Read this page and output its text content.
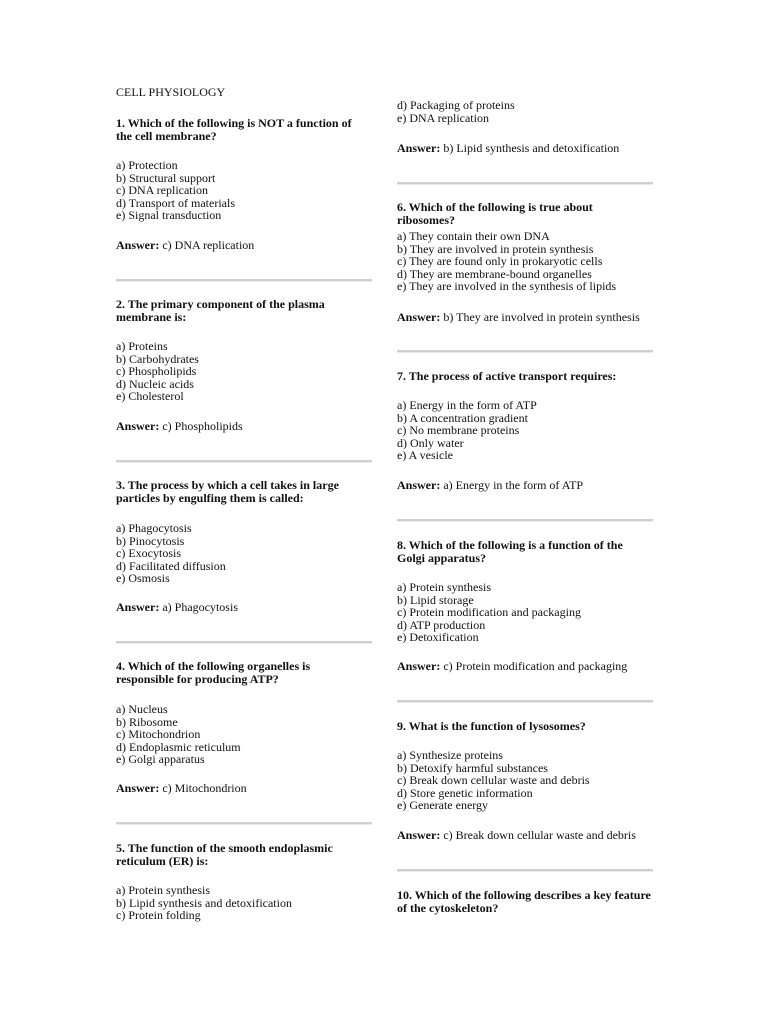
CELL PHYSIOLOGY
1. Which of the following is NOT a function of the cell membrane?
a) Protection
b) Structural support
c) DNA replication
d) Transport of materials
e) Signal transduction
Answer: c) DNA replication
2. The primary component of the plasma membrane is:
a) Proteins
b) Carbohydrates
c) Phospholipids
d) Nucleic acids
e) Cholesterol
Answer: c) Phospholipids
3. The process by which a cell takes in large particles by engulfing them is called:
a) Phagocytosis
b) Pinocytosis
c) Exocytosis
d) Facilitated diffusion
e) Osmosis
Answer: a) Phagocytosis
4. Which of the following organelles is responsible for producing ATP?
a) Nucleus
b) Ribosome
c) Mitochondrion
d) Endoplasmic reticulum
e) Golgi apparatus
Answer: c) Mitochondrion
5. The function of the smooth endoplasmic reticulum (ER) is:
a) Protein synthesis
b) Lipid synthesis and detoxification
c) Protein folding
d) Packaging of proteins
e) DNA replication
Answer: b) Lipid synthesis and detoxification
6. Which of the following is true about ribosomes?
a) They contain their own DNA
b) They are involved in protein synthesis
c) They are found only in prokaryotic cells
d) They are membrane-bound organelles
e) They are involved in the synthesis of lipids
Answer: b) They are involved in protein synthesis
7. The process of active transport requires:
a) Energy in the form of ATP
b) A concentration gradient
c) No membrane proteins
d) Only water
e) A vesicle
Answer: a) Energy in the form of ATP
8. Which of the following is a function of the Golgi apparatus?
a) Protein synthesis
b) Lipid storage
c) Protein modification and packaging
d) ATP production
e) Detoxification
Answer: c) Protein modification and packaging
9. What is the function of lysosomes?
a) Synthesize proteins
b) Detoxify harmful substances
c) Break down cellular waste and debris
d) Store genetic information
e) Generate energy
Answer: c) Break down cellular waste and debris
10. Which of the following describes a key feature of the cytoskeleton?
